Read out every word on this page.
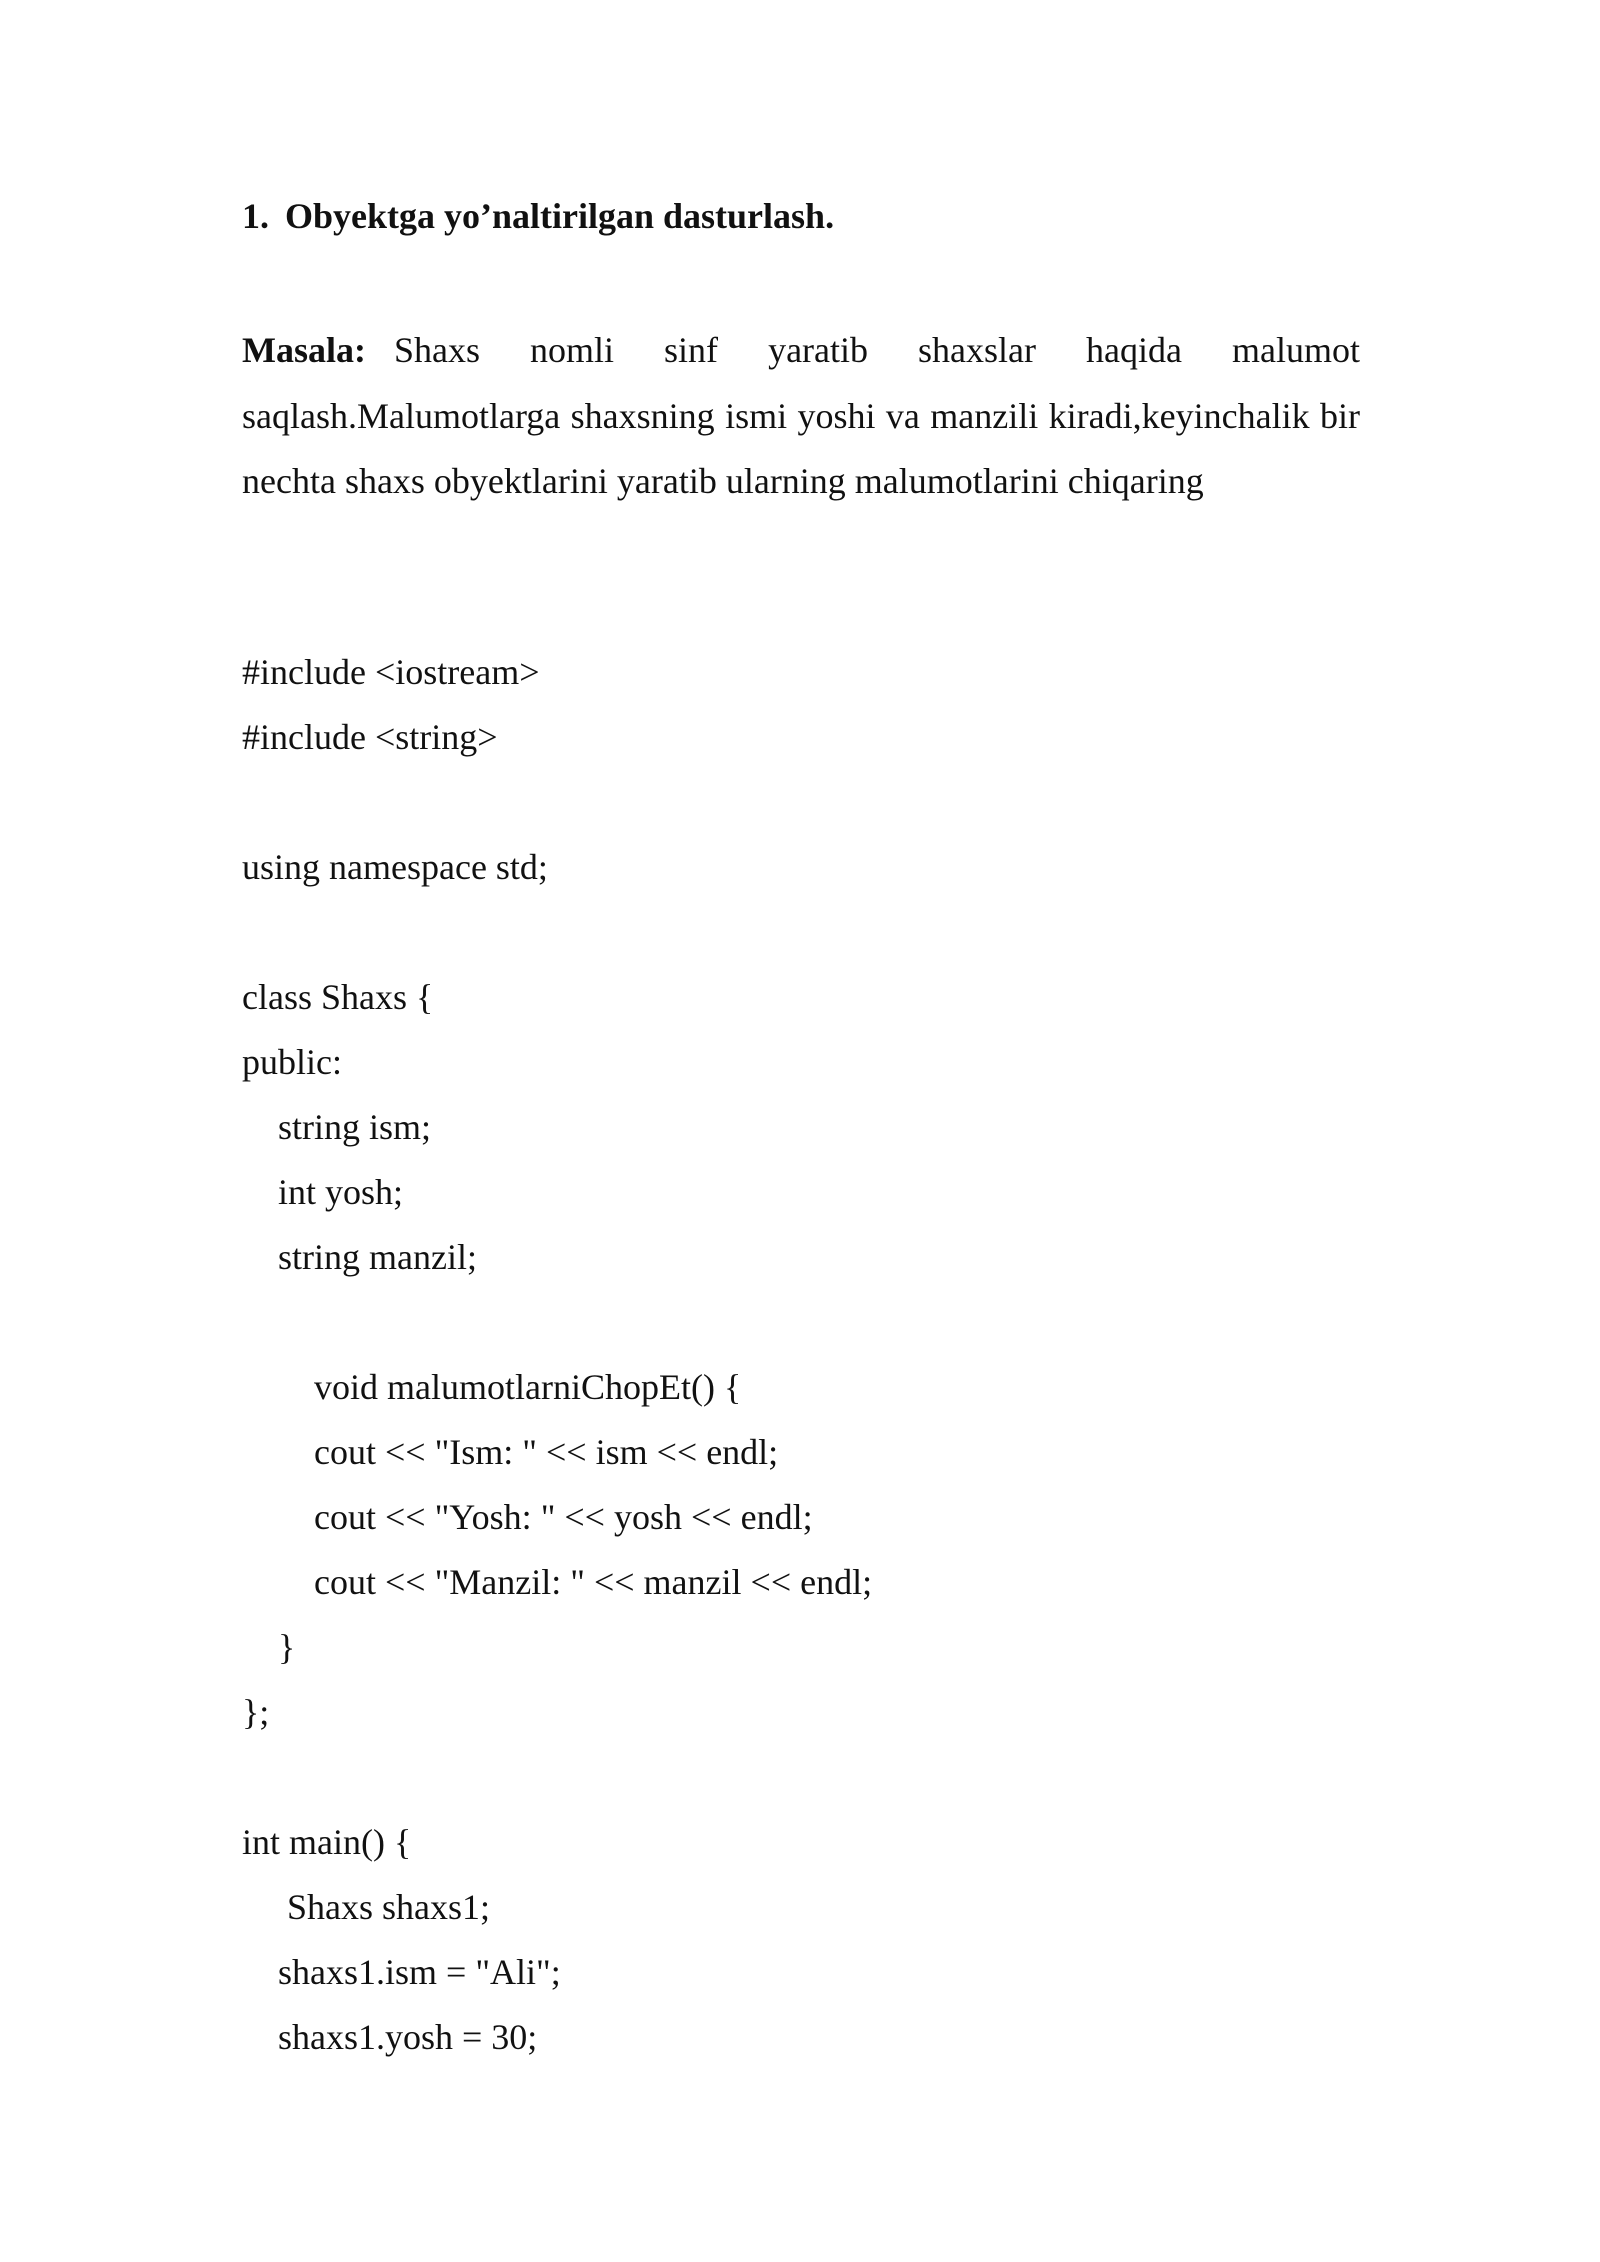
1. Obyektga yo’naltirilgan dasturlash.
Masala: Shaxs nomli sinf yaratib shaxslar haqida malumot saqlash.Malumotlarga shaxsning ismi yoshi va manzili kiradi,keyinchalik bir nechta shaxs obyektlarini yaratib ularning malumotlarini chiqaring
#include <iostream>
#include <string>
using namespace std;
class Shaxs {
public:
string ism;
int yosh;
string manzil;
void malumotlarniChopEt() {
cout << "Ism: " << ism << endl;
cout << "Yosh: " << yosh << endl;
cout << "Manzil: " << manzil << endl;
}
};
int main() {
Shaxs shaxs1;
shaxs1.ism = "Ali";
shaxs1.yosh = 30;
